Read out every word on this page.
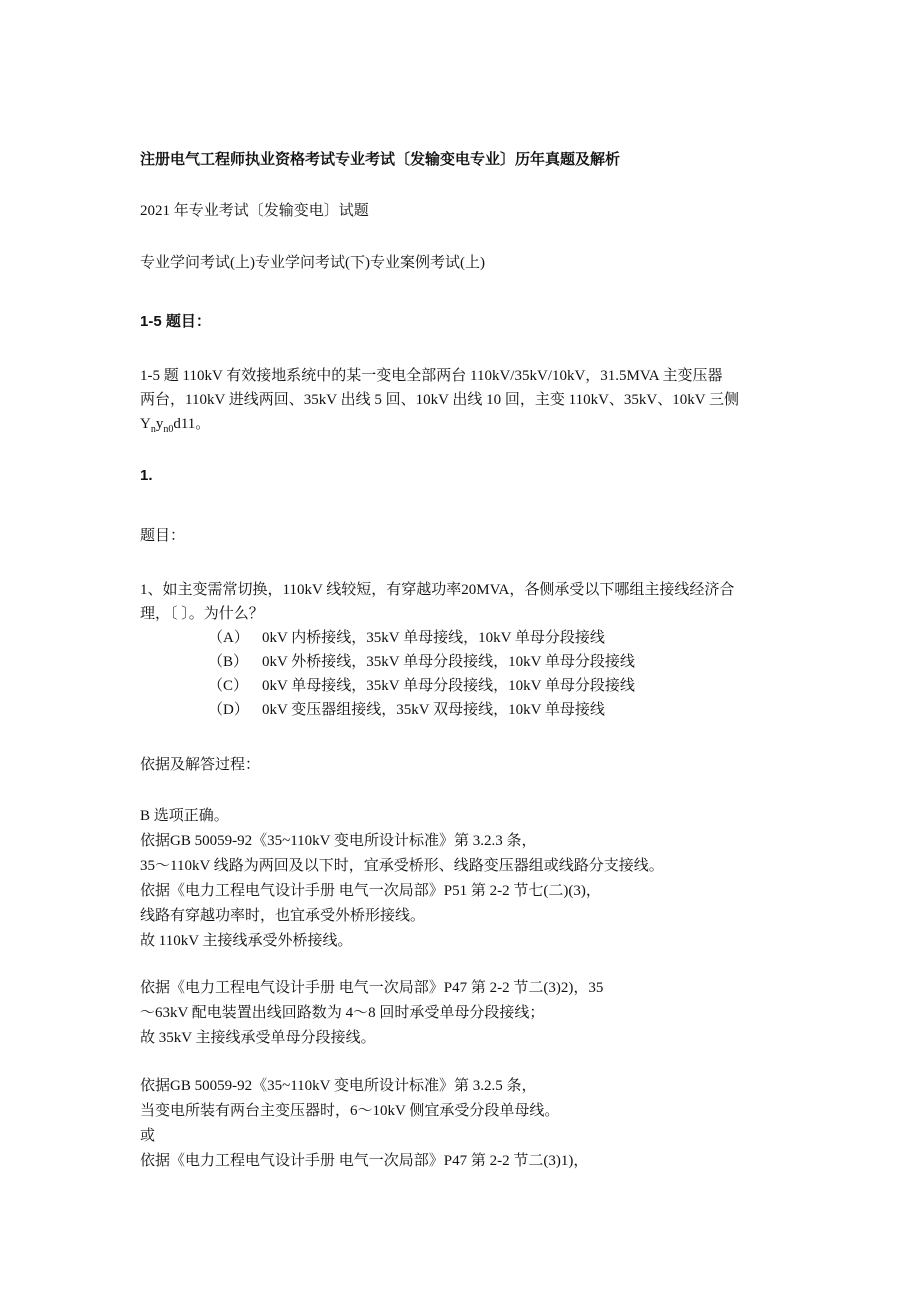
注册电气工程师执业资格考试专业考试〔发输变电专业〕历年真题及解析
2021 年专业考试〔发输变电〕试题
专业学问考试(上)专业学问考试(下)专业案例考试(上)
1-5 题目：
1-5 题 110kV 有效接地系统中的某一变电全部两台 110kV/35kV/10kV，31.5MVA 主变压器
两台，110kV 进线两回、35kV 出线 5 回、10kV 出线 10 回，主变 110kV、35kV、10kV 三侧
$Y_ny_{n0}d11$。
1.
题目：
1、如主变需常切换，110kV 线较短，有穿越功率20MVA，各侧承受以下哪组主接线经济合
理，〔 〕。为什么？
（A） 0kV 内桥接线，35kV 单母接线，10kV 单母分段接线
（B） 0kV 外桥接线，35kV 单母分段接线，10kV 单母分段接线
（C） 0kV 单母接线，35kV 单母分段接线，10kV 单母分段接线
（D） 0kV 变压器组接线，35kV 双母接线，10kV 单母接线
依据及解答过程：
B 选项正确。
依据GB 50059-92《35~110kV 变电所设计标准》第 3.2.3 条，
35～110kV 线路为两回及以下时，宜承受桥形、线路变压器组或线路分支接线。
依据《电力工程电气设计手册 电气一次局部》P51 第 2-2 节七(二)(3)，
线路有穿越功率时，也宜承受外桥形接线。
故 110kV 主接线承受外桥接线。
依据《电力工程电气设计手册 电气一次局部》P47 第 2-2 节二(3)2)，35
～63kV 配电装置出线回路数为 4～8 回时承受单母分段接线；
故 35kV 主接线承受单母分段接线。
依据GB 50059-92《35~110kV 变电所设计标准》第 3.2.5 条，
当变电所装有两台主变压器时，6～10kV 侧宜承受分段单母线。
或
依据《电力工程电气设计手册 电气一次局部》P47 第 2-2 节二(3)1)，
